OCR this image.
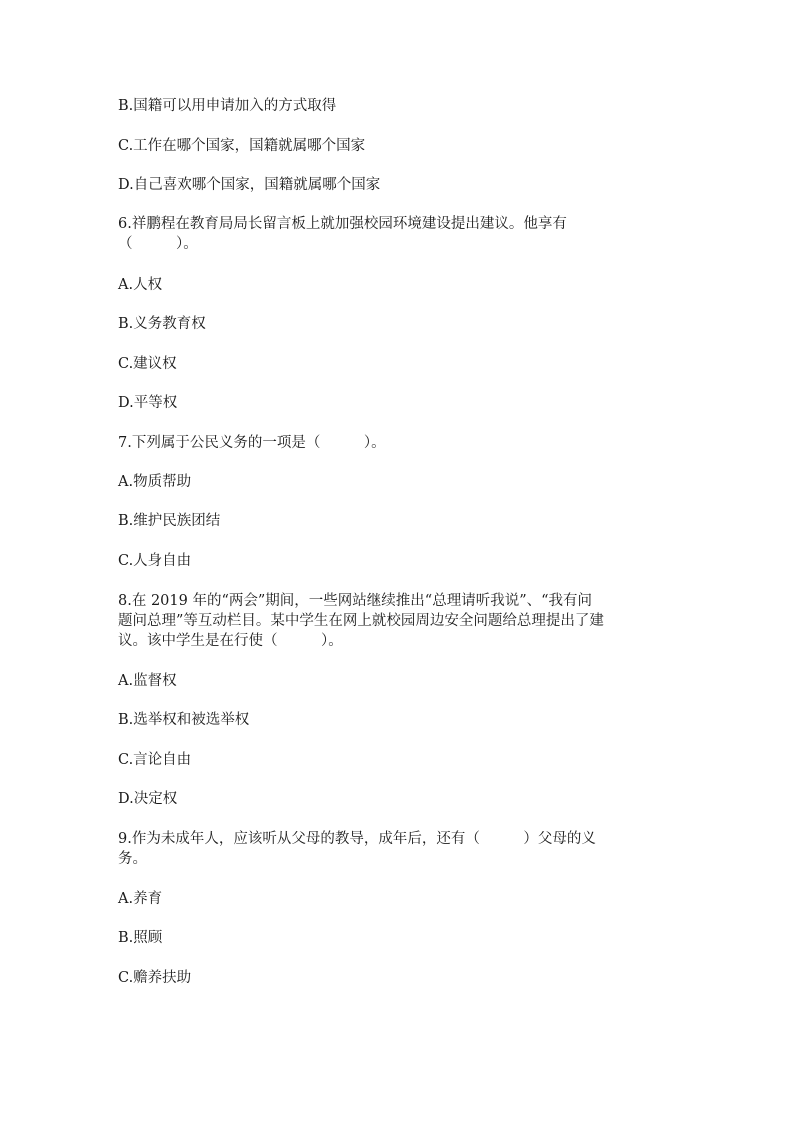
B.国籍可以用申请加入的方式取得
C.工作在哪个国家，国籍就属哪个国家
D.自己喜欢哪个国家，国籍就属哪个国家
6.祥鹏程在教育局局长留言板上就加强校园环境建设提出建议。他享有
（　　　）。
A.人权
B.义务教育权
C.建议权
D.平等权
7.下列属于公民义务的一项是（　　　）。
A.物质帮助
B.维护民族团结
C.人身自由
8.在 2019 年的“两会”期间，一些网站继续推出“总理请听我说”、“我有问
题问总理”等互动栏目。某中学生在网上就校园周边安全问题给总理提出了建
议。该中学生是在行使（　　　）。
A.监督权
B.选举权和被选举权
C.言论自由
D.决定权
9.作为未成年人，应该听从父母的教导，成年后，还有（　　　）父母的义
务。
A.养育
B.照顾
C.赡养扶助
